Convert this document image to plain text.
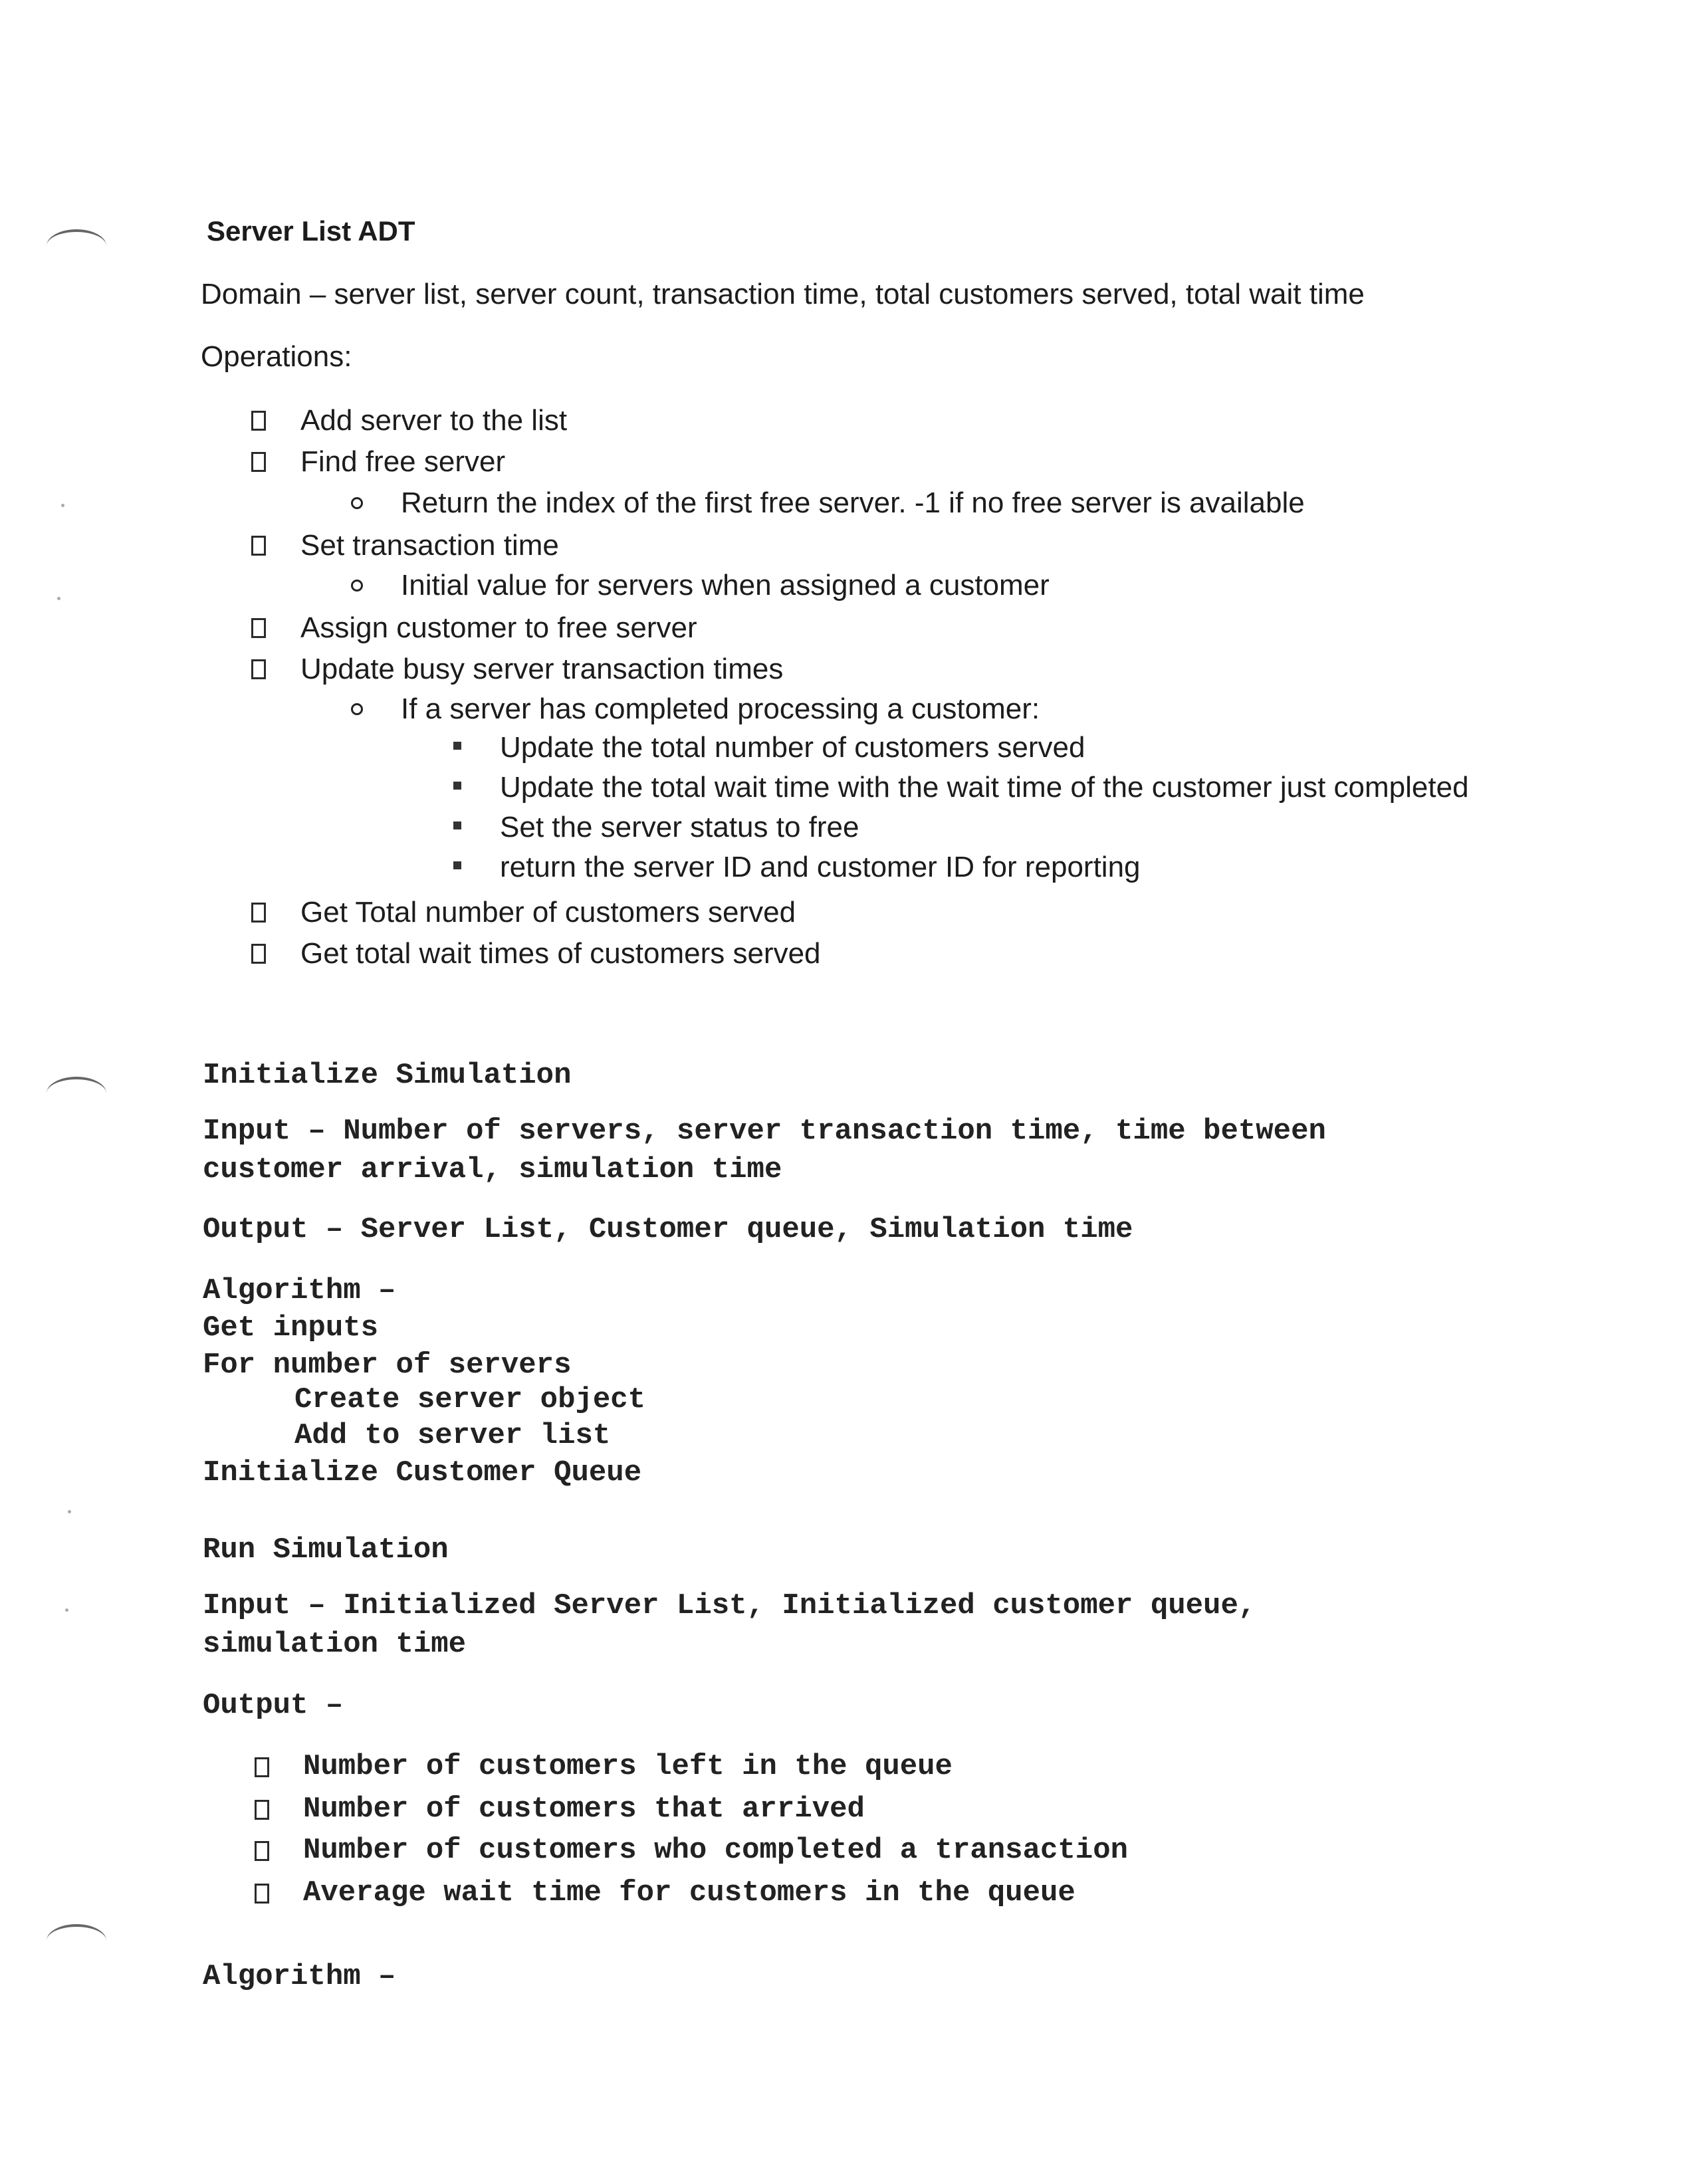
Server List ADT
Domain – server list, server count, transaction time, total customers served, total wait time
Operations:
Add server to the list
Find free server
Return the index of the first free server. -1 if no free server is available
Set transaction time
Initial value for servers when assigned a customer
Assign customer to free server
Update busy server transaction times
If a server has completed processing a customer:
Update the total number of customers served
Update the total wait time with the wait time of the customer just completed
Set the server status to free
return the server ID and customer ID for reporting
Get Total number of customers served
Get total wait times of customers served
Initialize Simulation
Input – Number of servers, server transaction time, time between
customer arrival, simulation time
Output – Server List, Customer queue, Simulation time
Algorithm –
Get inputs
For number of servers
Create server object
Add to server list
Initialize Customer Queue
Run Simulation
Input – Initialized Server List, Initialized customer queue,
simulation time
Output –
Number of customers left in the queue
Number of customers that arrived
Number of customers who completed a transaction
Average wait time for customers in the queue
Algorithm –
